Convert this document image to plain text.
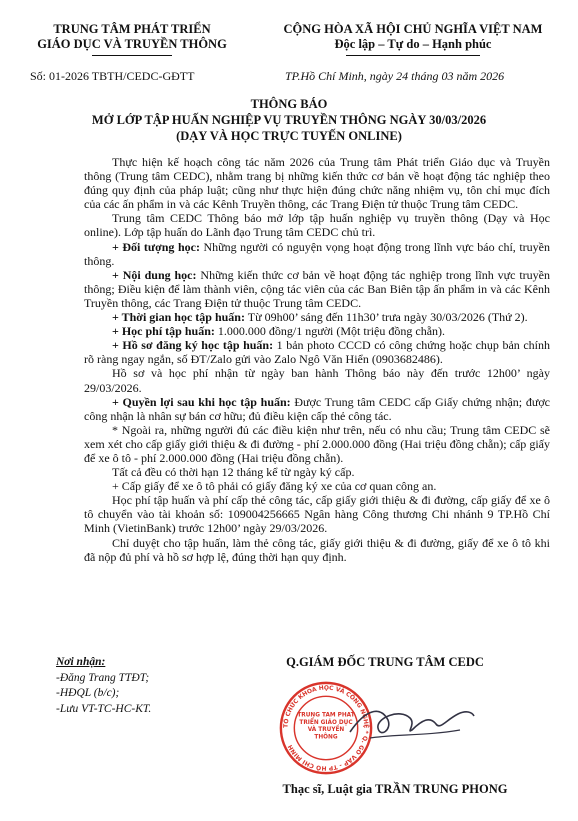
TRUNG TÂM PHÁT TRIỂN
GIÁO DỤC VÀ TRUYỀN THÔNG
CỘNG HÒA XÃ HỘI CHỦ NGHĨA VIỆT NAM
Độc lập – Tự do – Hạnh phúc
Số: 01-2026 TBTH/CEDC-GĐTT	TP.Hồ Chí Minh, ngày 24 tháng 03 năm 2026
THÔNG BÁO
MỞ LỚP TẬP HUẤN NGHIỆP VỤ TRUYỀN THÔNG NGÀY 30/03/2026
(DẠY VÀ HỌC TRỰC TUYẾN ONLINE)

Thực hiện kế hoạch công tác năm 2026 của Trung tâm Phát triển Giáo dục và Truyền thông (Trung tâm CEDC), nhằm trang bị những kiến thức cơ bản về hoạt động tác nghiệp theo đúng quy định của pháp luật; cũng như thực hiện đúng chức năng nhiệm vụ, tôn chỉ mục đích của các ấn phẩm in và các Kênh Truyền thông, các Trang Điện tử thuộc Trung tâm CEDC.

Trung tâm CEDC Thông báo mở lớp tập huấn nghiệp vụ truyền thông (Dạy và Học online). Lớp tập huấn do Lãnh đạo Trung tâm CEDC chủ trì.

+ Đối tượng học: Những người có nguyện vọng hoạt động trong lĩnh vực báo chí, truyền thông.

+ Nội dung học: Những kiến thức cơ bản về hoạt động tác nghiệp trong lĩnh vực truyền thông; Điều kiện để làm thành viên, cộng tác viên của các Ban Biên tập ấn phẩm in và các Kênh Truyền thông, các Trang Điện tử thuộc Trung tâm CEDC.

+ Thời gian học tập huấn: Từ 09h00’ sáng đến 11h30’ trưa ngày 30/03/2026 (Thứ 2).

+ Học phí tập huấn: 1.000.000 đồng/1 người (Một triệu đồng chẵn).

+ Hồ sơ đăng ký học tập huấn: 1 bản photo CCCD có công chứng hoặc chụp bản chính rõ ràng ngay ngắn, số ĐT/Zalo gửi vào Zalo Ngô Văn Hiển (0903682486).

Hồ sơ và học phí nhận từ ngày ban hành Thông báo này đến trước 12h00’ ngày 29/03/2026.

+ Quyền lợi sau khi học tập huấn: Được Trung tâm CEDC cấp Giấy chứng nhận; được công nhận là nhân sự bán cơ hữu; đủ điều kiện cấp thẻ công tác.

* Ngoài ra, những người đủ các điều kiện như trên, nếu có nhu cầu; Trung tâm CEDC sẽ xem xét cho cấp giấy giới thiệu & đi đường - phí 2.000.000 đồng (Hai triệu đồng chẵn); cấp giấy để xe ô tô - phí 2.000.000 đồng (Hai triệu đồng chẵn).

Tất cả đều có thời hạn 12 tháng kể từ ngày ký cấp.

+ Cấp giấy để xe ô tô phải có giấy đăng ký xe của cơ quan công an.

Học phí tập huấn và phí cấp thẻ công tác, cấp giấy giới thiệu & đi đường, cấp giấy để xe ô tô chuyển vào tài khoản số: 109004256665 Ngân hàng Công thương Chi nhánh 9 TP.Hồ Chí Minh (VietinBank) trước 12h00’ ngày 29/03/2026.

Chỉ duyệt cho tập huấn, làm thẻ công tác, giấy giới thiệu & đi đường, giấy để xe ô tô khi đã nộp đủ phí và hồ sơ hợp lệ, đúng thời hạn quy định.

Nơi nhận:
-Đăng Trang TTĐT;
-HĐQL (b/c);
-Lưu VT-TC-HC-KT.
Q.GIÁM ĐỐC TRUNG TÂM CEDC
TỔ CHỨC KHOA HỌC VÀ CÔNG NGHỆ * Q. GÒ VẤP - TP HỒ CHÍ MINH
TRUNG TÂM PHÁT TRIỂN GIÁO DỤC VÀ TRUYỀN THÔNG
Thạc sĩ, Luật gia TRẦN TRUNG PHONG
